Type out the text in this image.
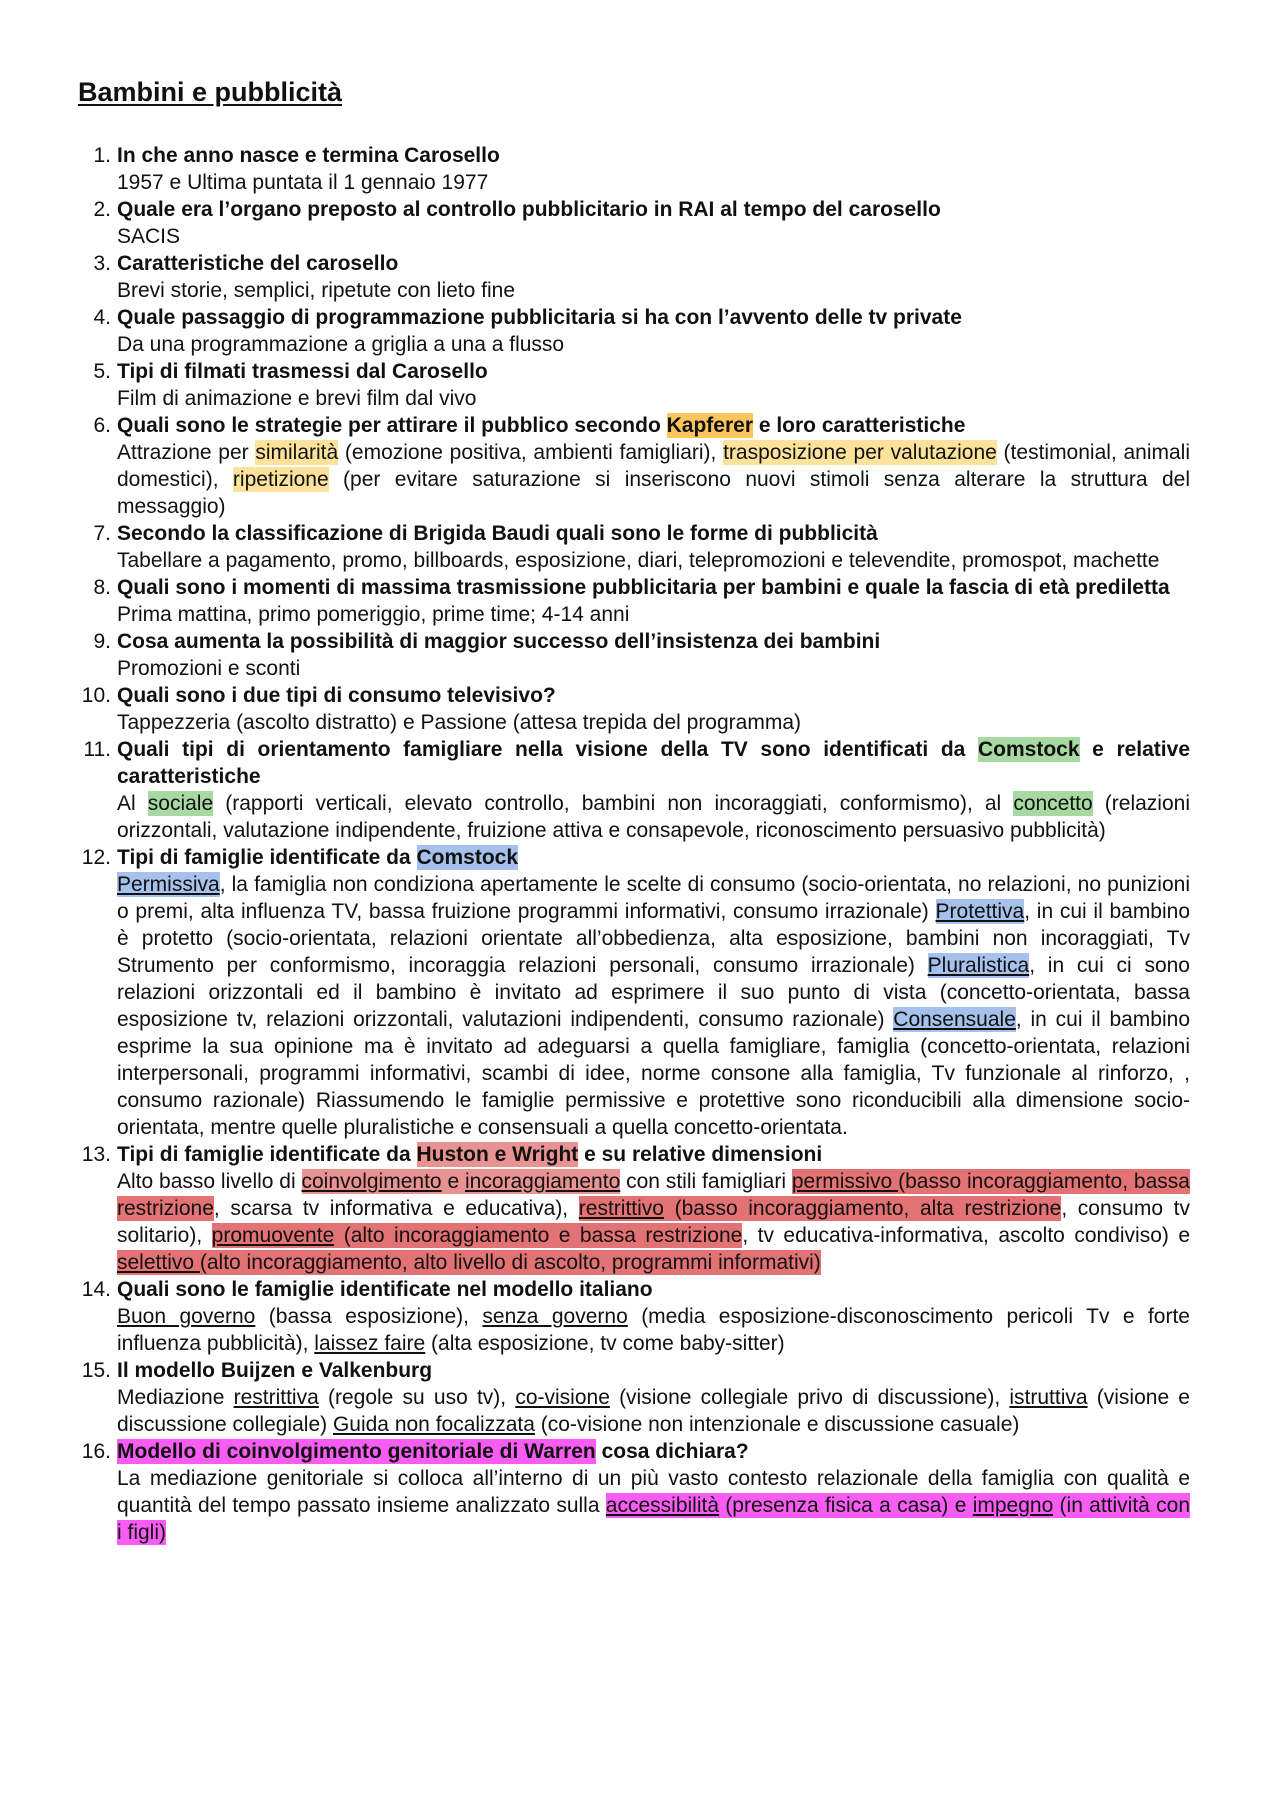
Bambini e pubblicità
1. In che anno nasce e termina Carosello
1957 e Ultima puntata il 1 gennaio 1977
2. Quale era l’organo preposto al controllo pubblicitario in RAI al tempo del carosello
SACIS
3. Caratteristiche del carosello
Brevi storie, semplici, ripetute con lieto fine
4. Quale passaggio di programmazione pubblicitaria si ha con l’avvento delle tv private
Da una programmazione a griglia a una a flusso
5. Tipi di filmati trasmessi dal Carosello
Film di animazione e brevi film dal vivo
6. Quali sono le strategie per attirare il pubblico secondo Kapferer e loro caratteristiche
Attrazione per similarità (emozione positiva, ambienti famigliari), trasposizione per valutazione (testimonial, animali domestici), ripetizione (per evitare saturazione si inseriscono nuovi stimoli senza alterare la struttura del messaggio)
7. Secondo la classificazione di Brigida Baudi quali sono le forme di pubblicità
Tabellare a pagamento, promo, billboards, esposizione, diari, telepromozioni e televendite, promospot, machette
8. Quali sono i momenti di massima trasmissione pubblicitaria per bambini e quale la fascia di età prediletta
Prima mattina, primo pomeriggio, prime time; 4-14 anni
9. Cosa aumenta la possibilità di maggior successo dell’insistenza dei bambini
Promozioni e sconti
10. Quali sono i due tipi di consumo televisivo?
Tappezzeria (ascolto distratto) e Passione (attesa trepida del programma)
11. Quali tipi di orientamento famigliare nella visione della TV sono identificati da Comstock e relative caratteristiche
Al sociale (rapporti verticali, elevato controllo, bambini non incoraggiati, conformismo), al concetto (relazioni orizzontali, valutazione indipendente, fruizione attiva e consapevole, riconoscimento persuasivo pubblicità)
12. Tipi di famiglie identificate da Comstock
Permissiva, la famiglia non condiziona apertamente le scelte di consumo (socio-orientata, no relazioni, no punizioni o premi, alta influenza TV, bassa fruizione programmi informativi, consumo irrazionale) Protettiva, in cui il bambino è protetto (socio-orientata, relazioni orientate all’obbedienza, alta esposizione, bambini non incoraggiati, Tv Strumento per conformismo, incoraggia relazioni personali, consumo irrazionale) Pluralistica, in cui ci sono relazioni orizzontali ed il bambino è invitato ad esprimere il suo punto di vista (concetto-orientata, bassa esposizione tv, relazioni orizzontali, valutazioni indipendenti, consumo razionale) Consensuale, in cui il bambino esprime la sua opinione ma è invitato ad adeguarsi a quella famigliare, famiglia (concetto-orientata, relazioni interpersonali, programmi informativi, scambi di idee, norme consone alla famiglia, Tv funzionale al rinforzo, , consumo razionale) Riassumendo le famiglie permissive e protettive sono riconducibili alla dimensione socio-orientata, mentre quelle pluralistiche e consensuali a quella concetto-orientata.
13. Tipi di famiglie identificate da Huston e Wright e su relative dimensioni
Alto basso livello di coinvolgimento e incoraggiamento con stili famigliari permissivo (basso incoraggiamento, bassa restrizione, scarsa tv informativa e educativa), restrittivo (basso incoraggiamento, alta restrizione, consumo tv solitario), promuovente (alto incoraggiamento e bassa restrizione, tv educativa-informativa, ascolto condiviso) e selettivo (alto incoraggiamento, alto livello di ascolto, programmi informativi)
14. Quali sono le famiglie identificate nel modello italiano
Buon governo (bassa esposizione), senza governo (media esposizione-disconoscimento pericoli Tv e forte influenza pubblicità), laissez faire (alta esposizione, tv come baby-sitter)
15. Il modello Buijzen e Valkenburg
Mediazione restrittiva (regole su uso tv), co-visione (visione collegiale privo di discussione), istruttiva (visione e discussione collegiale) Guida non focalizzata (co-visione non intenzionale e discussione casuale)
16. Modello di coinvolgimento genitoriale di Warren cosa dichiara?
La mediazione genitoriale si colloca all’interno di un più vasto contesto relazionale della famiglia con qualità e quantità del tempo passato insieme analizzato sulla accessibilità (presenza fisica a casa) e impegno (in attività con i figli)
